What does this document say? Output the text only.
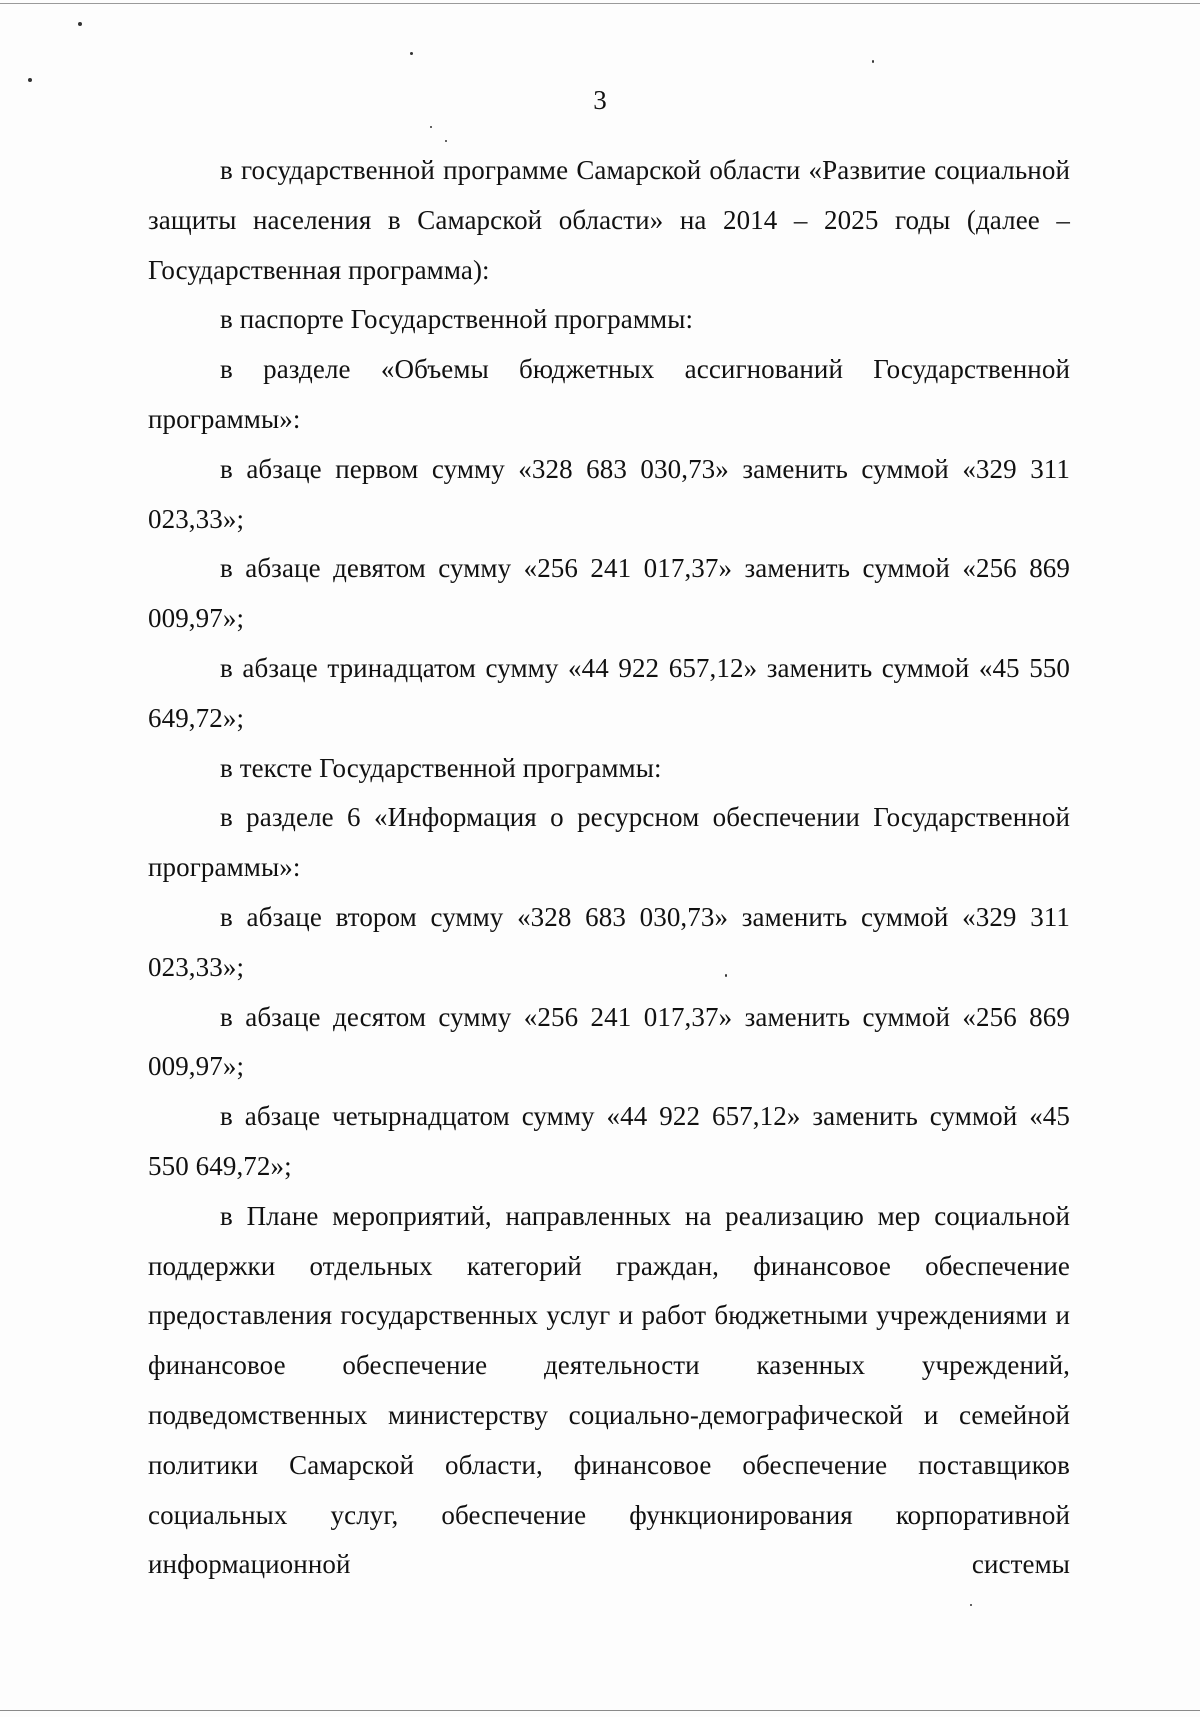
3

в государственной программе Самарской области «Развитие социальной защиты населения в Самарской области» на 2014 – 2025 годы (далее – Государственная программа):

в паспорте Государственной программы:

в разделе «Объемы бюджетных ассигнований Государственной программы»:

в абзаце первом сумму «328 683 030,73» заменить суммой «329 311 023,33»;

в абзаце девятом сумму «256 241 017,37» заменить суммой «256 869 009,97»;

в абзаце тринадцатом сумму «44 922 657,12» заменить суммой «45 550 649,72»;

в тексте Государственной программы:

в разделе 6 «Информация о ресурсном обеспечении Государственной программы»:

в абзаце втором сумму «328 683 030,73» заменить суммой «329 311 023,33»;

в абзаце десятом сумму «256 241 017,37» заменить суммой «256 869 009,97»;

в абзаце четырнадцатом сумму «44 922 657,12» заменить суммой «45 550 649,72»;

в Плане мероприятий, направленных на реализацию мер социальной поддержки отдельных категорий граждан, финансовое обеспечение предоставления государственных услуг и работ бюджетными учреждениями и финансовое обеспечение деятельности казенных учреждений, подведомственных министерству социально-демографической и семейной политики Самарской области, финансовое обеспечение поставщиков социальных услуг, обеспечение функционирования корпоративной информационной системы
